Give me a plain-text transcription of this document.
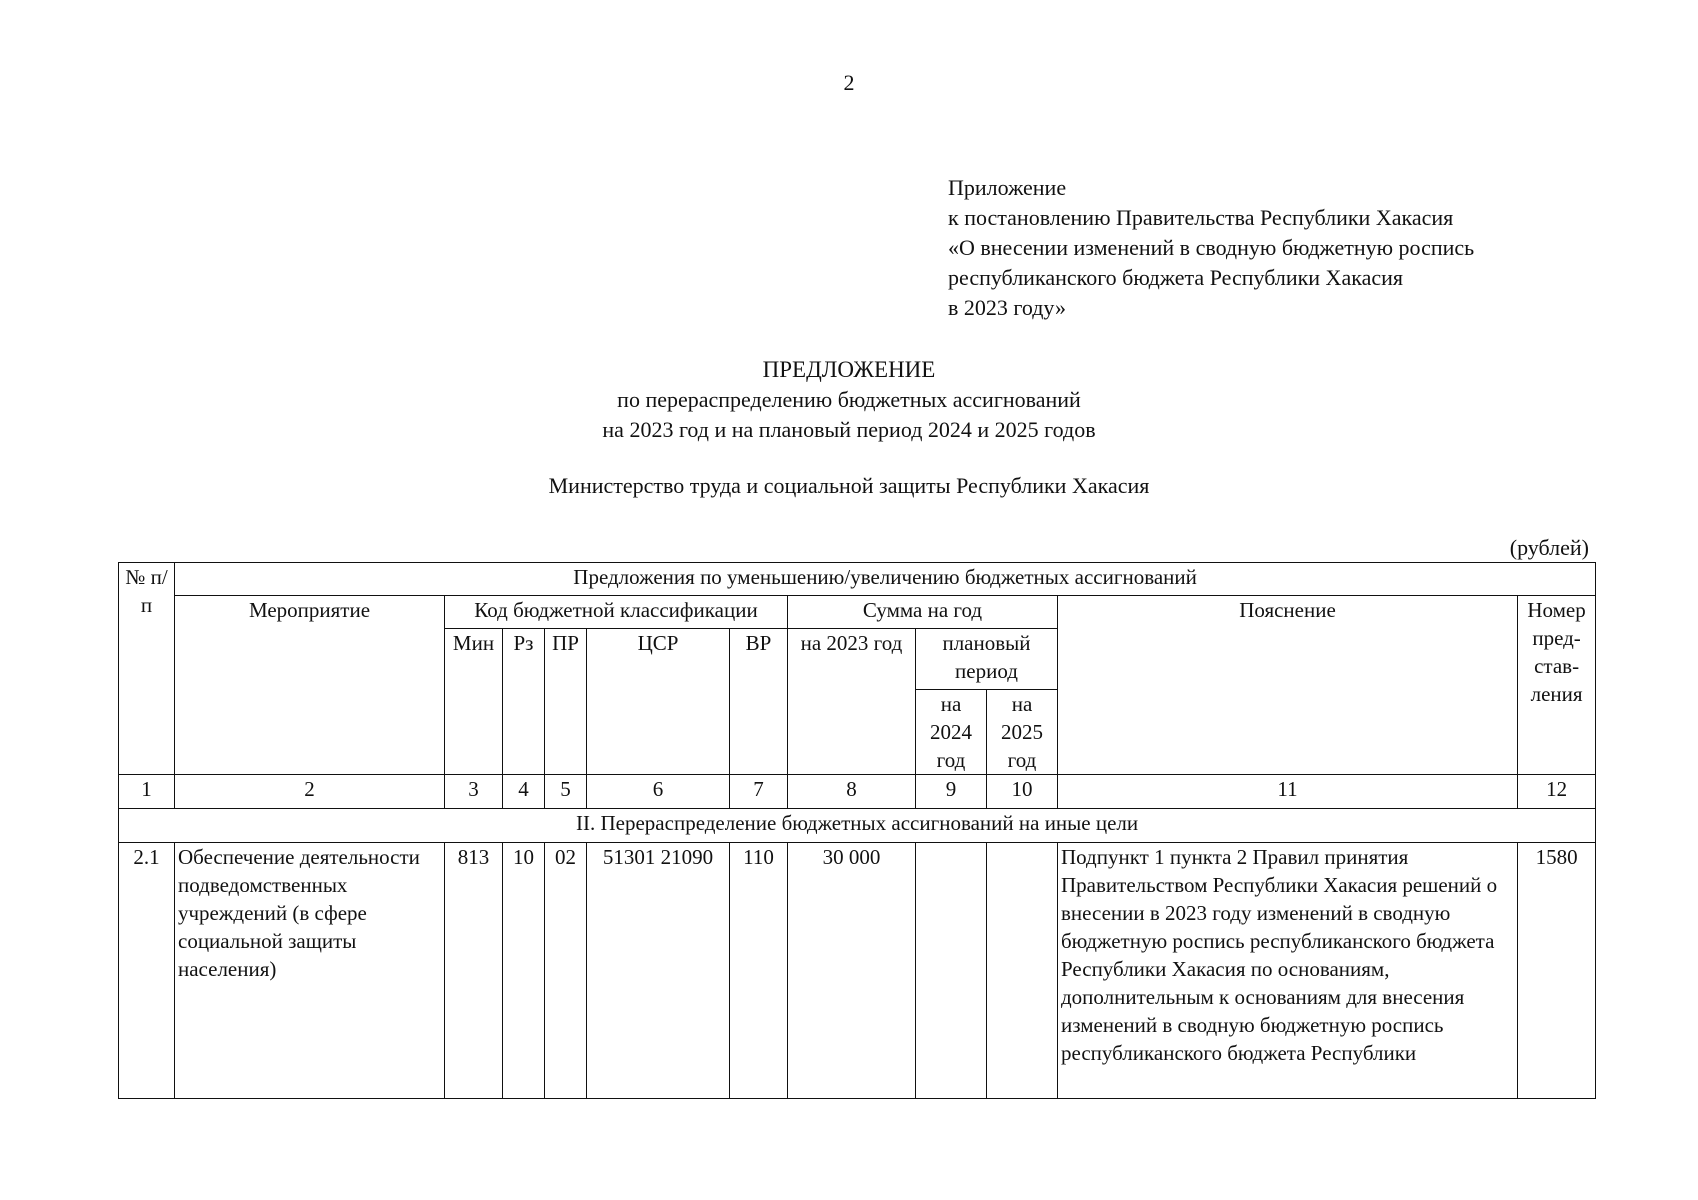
2
Приложение
к постановлению Правительства Республики Хакасия
«О внесении изменений в сводную бюджетную роспись
республиканского бюджета Республики Хакасия
в 2023 году»
ПРЕДЛОЖЕНИЕ
по перераспределению бюджетных ассигнований
на 2023 год и на плановый период 2024 и 2025 годов
Министерство труда и социальной защиты Республики Хакасия
(рублей)
№ п/п	Предложения по уменьшению/увеличению бюджетных ассигнований										
	Мероприятие	Код бюджетной классификации					Сумма на год			Пояснение	Номер пред-став-ления
		Мин	Рз	ПР	ЦСР	ВР	на 2023 год	плановый период			
								на 2024 год	на 2025 год		
1	2	3	4	5	6	7	8	9	10	11	12
II. Перераспределение бюджетных ассигнований на иные цели											
2.1	Обеспечение деятельности подведомственных учреждений (в сфере социальной защиты населения)	813	10	02	51301 21090	110	30 000			Подпункт 1 пункта 2 Правил принятия Правительством Республики Хакасия решений о внесении в 2023 году изменений в сводную бюджетную роспись республиканского бюджета Республики Хакасия по основаниям, дополнительным к основаниям для внесения изменений в сводную бюджетную роспись республиканского бюджета Республики	1580
